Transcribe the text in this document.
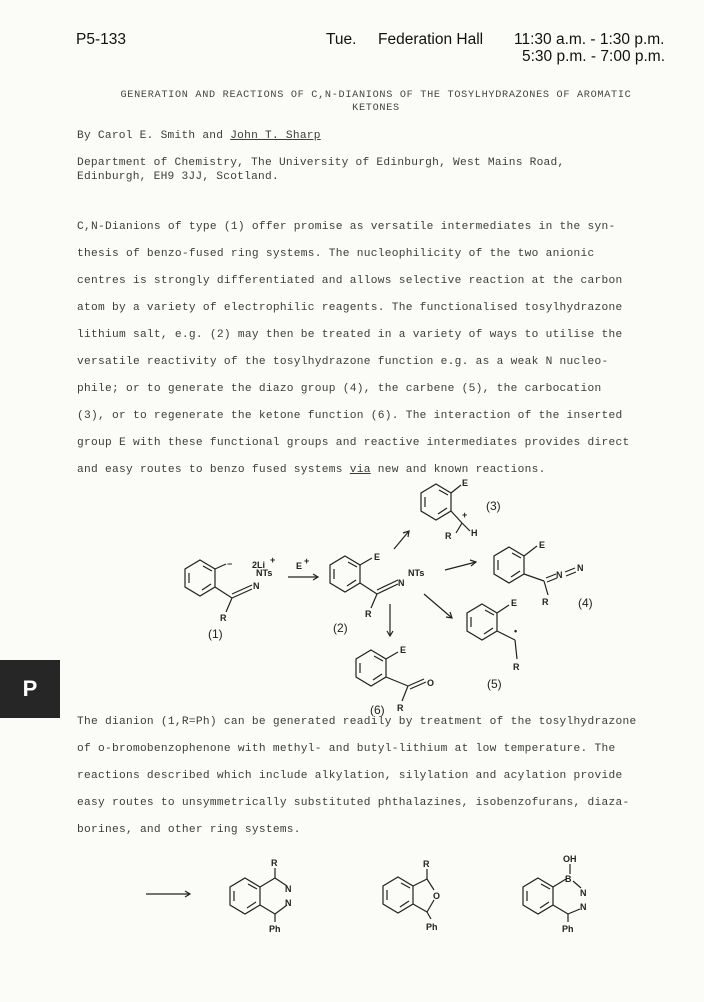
P5-133	Tue. Federation Hall 11:30 a.m. - 1:30 p.m.
5:30 p.m. - 7:00 p.m.
GENERATION AND REACTIONS OF C,N-DIANIONS OF THE TOSYLHYDRAZONES OF AROMATIC
KETONES
By Carol E. Smith and John T. Sharp
Department of Chemistry, The University of Edinburgh, West Mains Road,
Edinburgh, EH9 3JJ, Scotland.
C,N-Dianions of type (1) offer promise as versatile intermediates in the syn-
thesis of benzo-fused ring systems. The nucleophilicity of the two anionic
centres is strongly differentiated and allows selective reaction at the carbon
atom by a variety of electrophilic reagents. The functionalised tosylhydrazone
lithium salt, e.g. (2) may then be treated in a variety of ways to utilise the
versatile reactivity of the tosylhydrazone function e.g. as a weak N nucleo-
phile; or to generate the diazo group (4), the carbene (5), the carbocation
(3), or to regenerate the ketone function (6). The interaction of the inserted
group E with these functional groups and reactive intermediates provides direct
and easy routes to benzo fused systems via new and known reactions.
−
R
N
NTs
2Li +
(1)
E +	E
R
N
NTs
(2)
E
+
R H
(3)
E
R
N
N
(4)
E
•
R
(5)
E
O
R
(6)
P
The dianion (1,R=Ph) can be generated readily by treatment of the tosylhydrazone
of o-bromobenzophenone with methyl- and butyl-lithium at low temperature. The
reactions described which include alkylation, silylation and acylation provide
easy routes to unsymmetrically substituted phthalazines, isobenzofurans, diaza-
borines, and other ring systems.
R
N
N
Ph
R
O
Ph
B
OH
N
N
Ph
